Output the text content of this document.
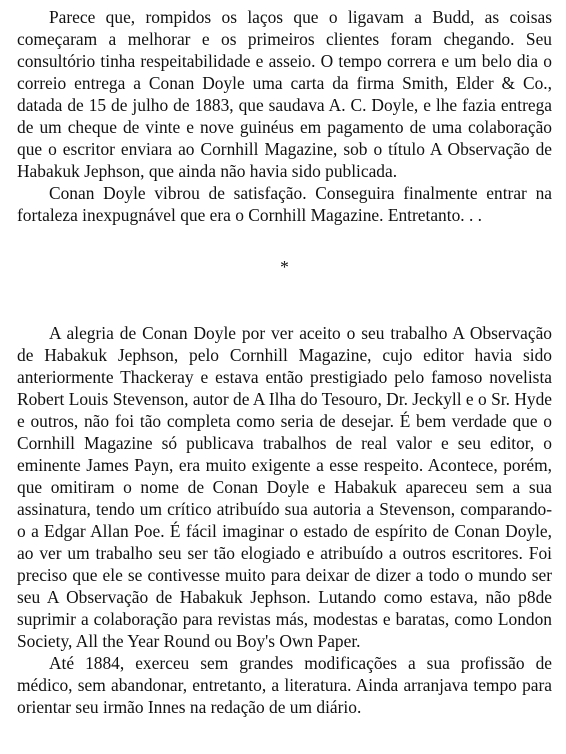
Parece que, rompidos os laços que o ligavam a Budd, as coisas começaram a melhorar e os primeiros clientes foram chegando. Seu consultório tinha respeitabilidade e asseio. O tempo correra e um belo dia o correio entrega a Conan Doyle uma carta da firma Smith, Elder & Co., datada de 15 de julho de 1883, que saudava A. C. Doyle, e lhe fazia entrega de um cheque de vinte e nove guinéus em pagamento de uma colaboração que o escritor enviara ao Cornhill Magazine, sob o título A Observação de Habakuk Jephson, que ainda não havia sido publicada.

Conan Doyle vibrou de satisfação. Conseguira finalmente entrar na fortaleza inexpugnável que era o Cornhill Magazine. Entretanto. . .

*

A alegria de Conan Doyle por ver aceito o seu trabalho A Observação de Habakuk Jephson, pelo Cornhill Magazine, cujo editor havia sido anteriormente Thackeray e estava então prestigiado pelo famoso novelista Robert Louis Stevenson, autor de A Ilha do Tesouro, Dr. Jeckyll e o Sr. Hyde e outros, não foi tão completa como seria de desejar. É bem verdade que o Cornhill Magazine só publicava trabalhos de real valor e seu editor, o eminente James Payn, era muito exigente a esse respeito. Acontece, porém, que omitiram o nome de Conan Doyle e Habakuk apareceu sem a sua assinatura, tendo um crítico atribuído sua autoria a Stevenson, comparando-o a Edgar Allan Poe. É fácil imaginar o estado de espírito de Conan Doyle, ao ver um trabalho seu ser tão elogiado e atribuído a outros escritores. Foi preciso que ele se contivesse muito para deixar de dizer a todo o mundo ser seu A Observação de Habakuk Jephson. Lutando como estava, não p8de suprimir a colaboração para revistas más, modestas e baratas, como London Society, All the Year Round ou Boy's Own Paper.

Até 1884, exerceu sem grandes modificações a sua profissão de médico, sem abandonar, entretanto, a literatura. Ainda arranjava tempo para orientar seu irmão Innes na redação de um diário.
